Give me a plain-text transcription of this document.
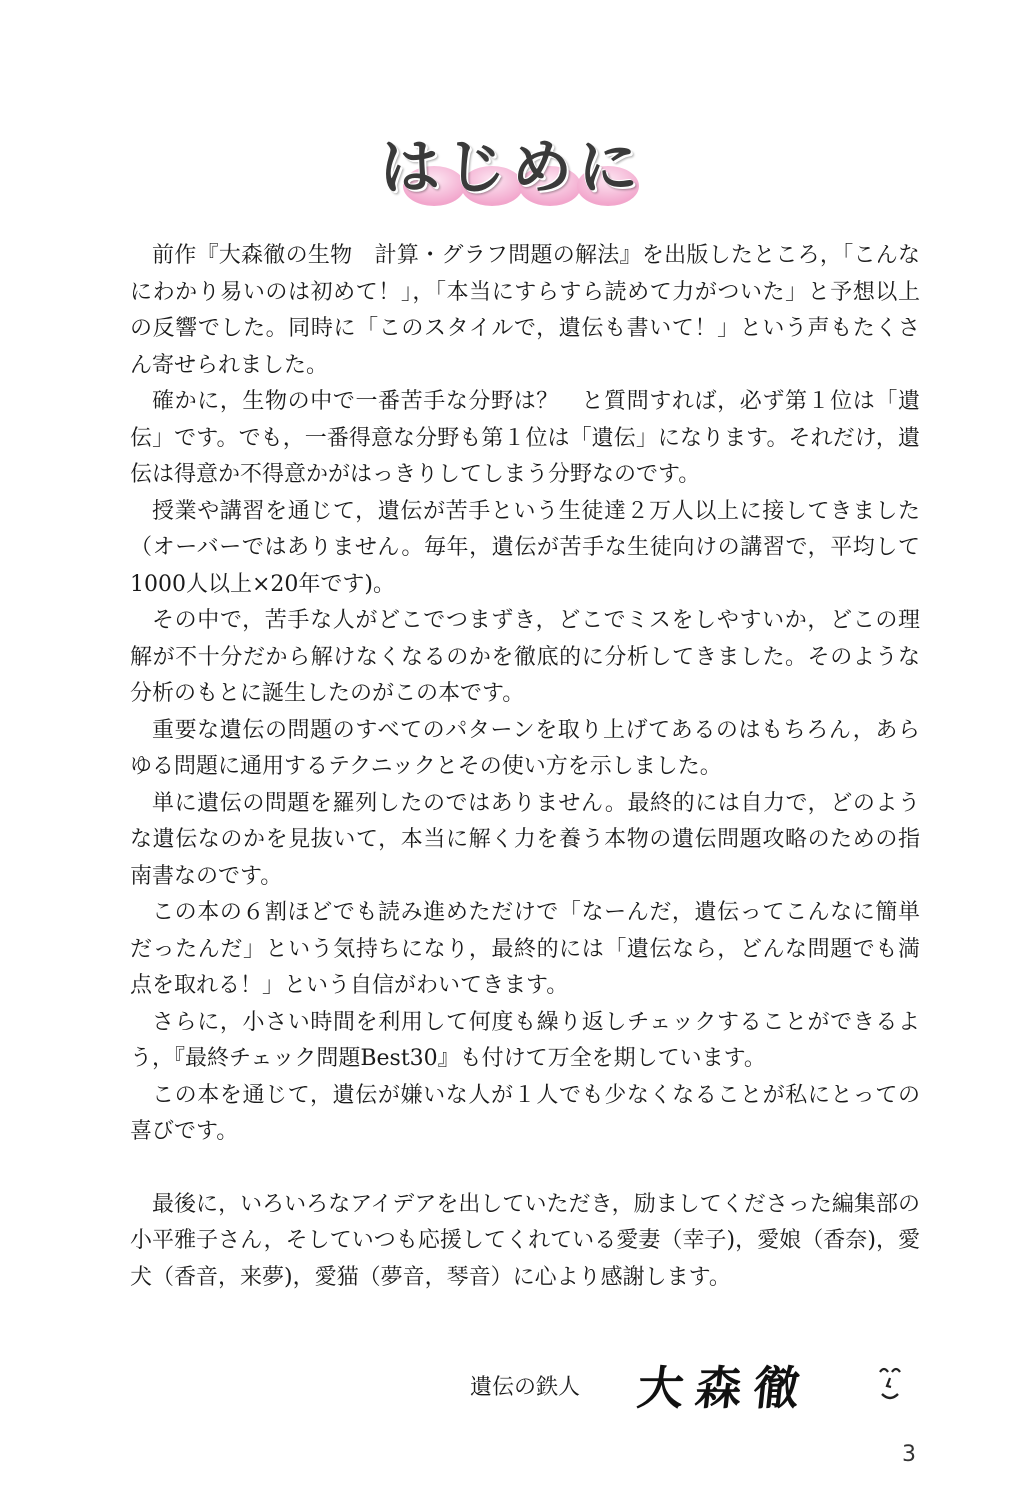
はじめに

前作『大森徹の生物　計算・グラフ問題の解法』を出版したところ，「こんなにわかり易いのは初めて！」，「本当にすらすら読めて力がついた」と予想以上の反響でした。同時に「このスタイルで，遺伝も書いて！」という声もたくさん寄せられました。

確かに，生物の中で一番苦手な分野は？　と質問すれば，必ず第１位は「遺伝」です。でも，一番得意な分野も第１位は「遺伝」になります。それだけ，遺伝は得意か不得意かがはっきりしてしまう分野なのです。

授業や講習を通じて，遺伝が苦手という生徒達２万人以上に接してきました（オーバーではありません。毎年，遺伝が苦手な生徒向けの講習で，平均して1000人以上×20年です)。

その中で，苦手な人がどこでつまずき，どこでミスをしやすいか，どこの理解が不十分だから解けなくなるのかを徹底的に分析してきました。そのような分析のもとに誕生したのがこの本です。

重要な遺伝の問題のすべてのパターンを取り上げてあるのはもちろん，あらゆる問題に通用するテクニックとその使い方を示しました。

単に遺伝の問題を羅列したのではありません。最終的には自力で，どのような遺伝なのかを見抜いて，本当に解く力を養う本物の遺伝問題攻略のための指南書なのです。

この本の６割ほどでも読み進めただけで「なーんだ，遺伝ってこんなに簡単だったんだ」という気持ちになり，最終的には「遺伝なら，どんな問題でも満点を取れる！」という自信がわいてきます。

さらに，小さい時間を利用して何度も繰り返しチェックすることができるよう，『最終チェック問題Best30』も付けて万全を期しています。

この本を通じて，遺伝が嫌いな人が１人でも少なくなることが私にとっての喜びです。

最後に，いろいろなアイデアを出していただき，励ましてくださった編集部の小平雅子さん，そしていつも応援してくれている愛妻（幸子)，愛娘（香奈)，愛犬（香音，来夢)，愛猫（夢音，琴音）に心より感謝します。

遺伝の鉄人 大森徹
3
